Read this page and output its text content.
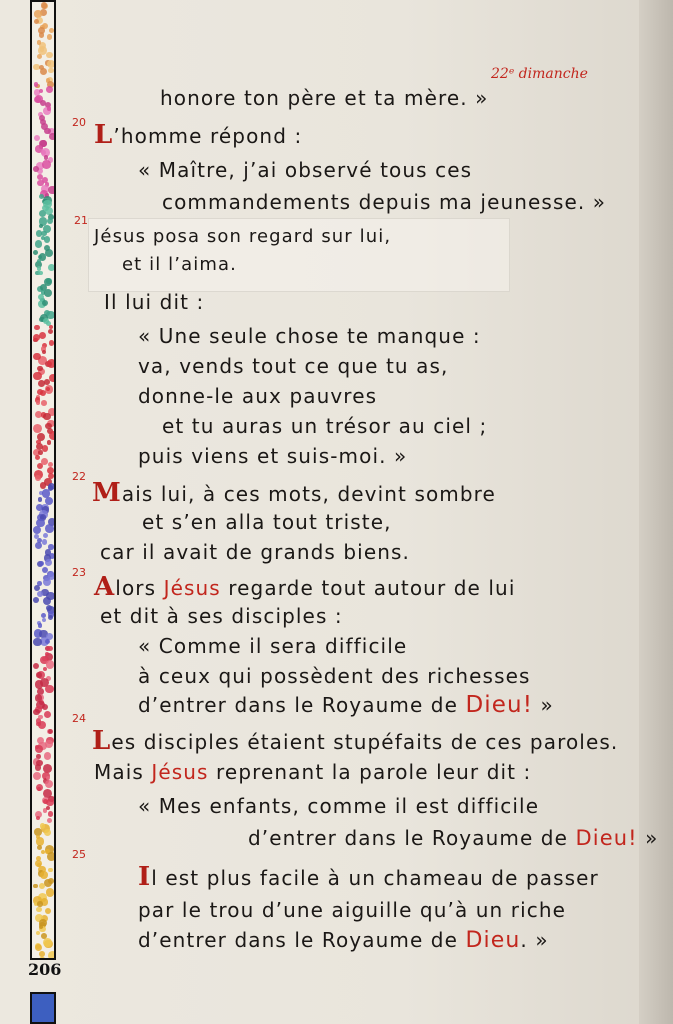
206
22ᵉ dimanche
20
21
22
23
24
25
honore ton père et ta mère. »
L’homme répond :
« Maître, j’ai observé tous ces
commandements depuis ma jeunesse. »
Jésus posa son regard sur lui,
et il l’aima.
Il lui dit :
« Une seule chose te manque :
va, vends tout ce que tu as,
donne-le aux pauvres
et tu auras un trésor au ciel ;
puis viens et suis-moi. »
Mais lui, à ces mots, devint sombre
et s’en alla tout triste,
car il avait de grands biens.
Alors Jésus regarde tout autour de lui
et dit à ses disciples :
« Comme il sera difficile
à ceux qui possèdent des richesses
d’entrer dans le Royaume de Dieu! »
Les disciples étaient stupéfaits de ces paroles.
Mais Jésus reprenant la parole leur dit :
« Mes enfants, comme il est difficile
d’entrer dans le Royaume de Dieu! »
Il est plus facile à un chameau de passer
par le trou d’une aiguille qu’à un riche
d’entrer dans le Royaume de Dieu. »
